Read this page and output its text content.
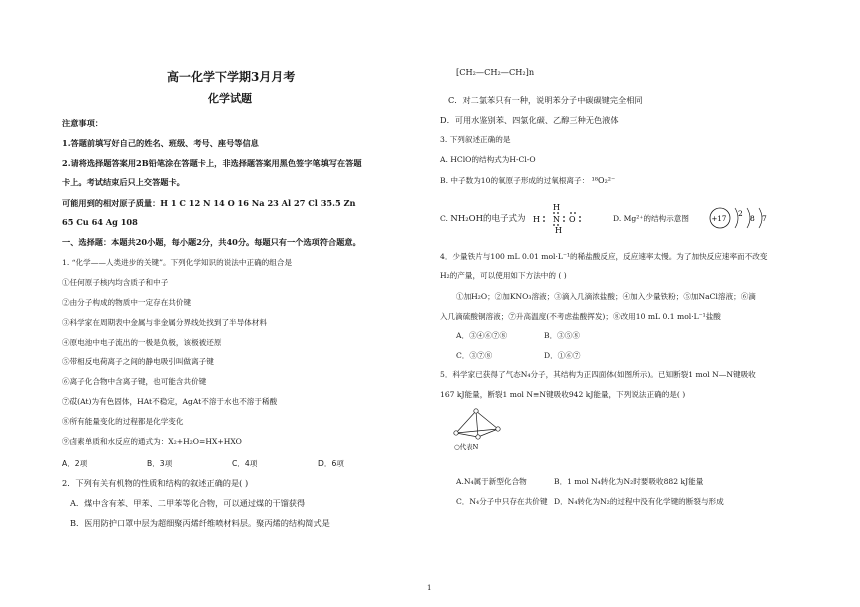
高一化学下学期3月月考
化学试题
注意事项：
1.答题前填写好自己的姓名、班级、考号、座号等信息
2.请将选择题答案用2B铅笔涂在答题卡上，非选择题答案用黑色签字笔填写在答题
卡上。考试结束后只上交答题卡。
可能用到的相对原子质量：H 1 C 12 N 14 O 16 Na 23 Al 27 Cl 35.5 Zn
65 Cu 64 Ag 108
一、选择题：本题共20小题，每小题2分，共40分。每题只有一个选项符合题意。
1. “化学——人类进步的关键”。下列化学知识的说法中正确的组合是
①任何原子核内均含质子和中子
②由分子构成的物质中一定存在共价键
③科学家在周期表中金属与非金属分界线处找到了半导体材料
④原电池中电子流出的一极是负极，该极被还原
⑤带相反电荷离子之间的静电吸引叫做离子键
⑥离子化合物中含离子键，也可能含共价键
⑦砹(At)为有色固体，HAt不稳定，AgAt不溶于水也不溶于稀酸
⑧所有能量变化的过程都是化学变化
⑨卤素单质和水反应的通式为：X₂+H₂O=HX+HXO
A．2项	B．3项	C．4项	D．6项
2．下列有关有机物的性质和结构的叙述正确的是( )
A．煤中含有苯、甲苯、二甲苯等化合物，可以通过煤的干馏获得
B．医用防护口罩中层为超细聚丙烯纤维喷材料层。聚丙烯的结构简式是
[CH₂—CH₂—CH₂]n
C．对二氯苯只有一种，说明苯分子中碳碳键完全相同
D．可用水鉴别苯、四氯化碳、乙醇三种无色液体
3. 下列叙述正确的是
A. HClO的结构式为H-Cl-O
B. 中子数为10的氧原子形成的过氧根离子： ¹⁸O₂²⁻
C. NH₂OH的电子式为
H
H N O
H
D. Mg²⁺的结构示意图	+17
2
8 7
4．少量铁片与100 mL 0.01 mol·L⁻¹的稀盐酸反应，反应速率太慢。为了加快反应速率而不改变
H₂的产量，可以使用如下方法中的 ( )
①加H₂O；②加KNO₃溶液；③滴入几滴浓盐酸；④加入少量铁粉；⑤加NaCl溶液；⑥滴
入几滴硫酸铜溶液；⑦升高温度(不考虑盐酸挥发)；⑧改用10 mL 0.1 mol·L⁻¹盐酸
A．③④⑥⑦⑧	B．③⑤⑧
C．③⑦⑧	D．①⑥⑦
5．科学家已获得了气态N₄分子，其结构为正四面体(如图所示)。已知断裂1 mol N—N键吸收
167 kJ能量，断裂1 mol N≡N键吸收942 kJ能量，下列说法正确的是( )
○代表N
A.N₄属于新型化合物	B．1 mol N₄转化为N₂时要吸收882 kJ能量
C．N₄分子中只存在共价键 D．N₄转化为N₂的过程中没有化学键的断裂与形成
1
